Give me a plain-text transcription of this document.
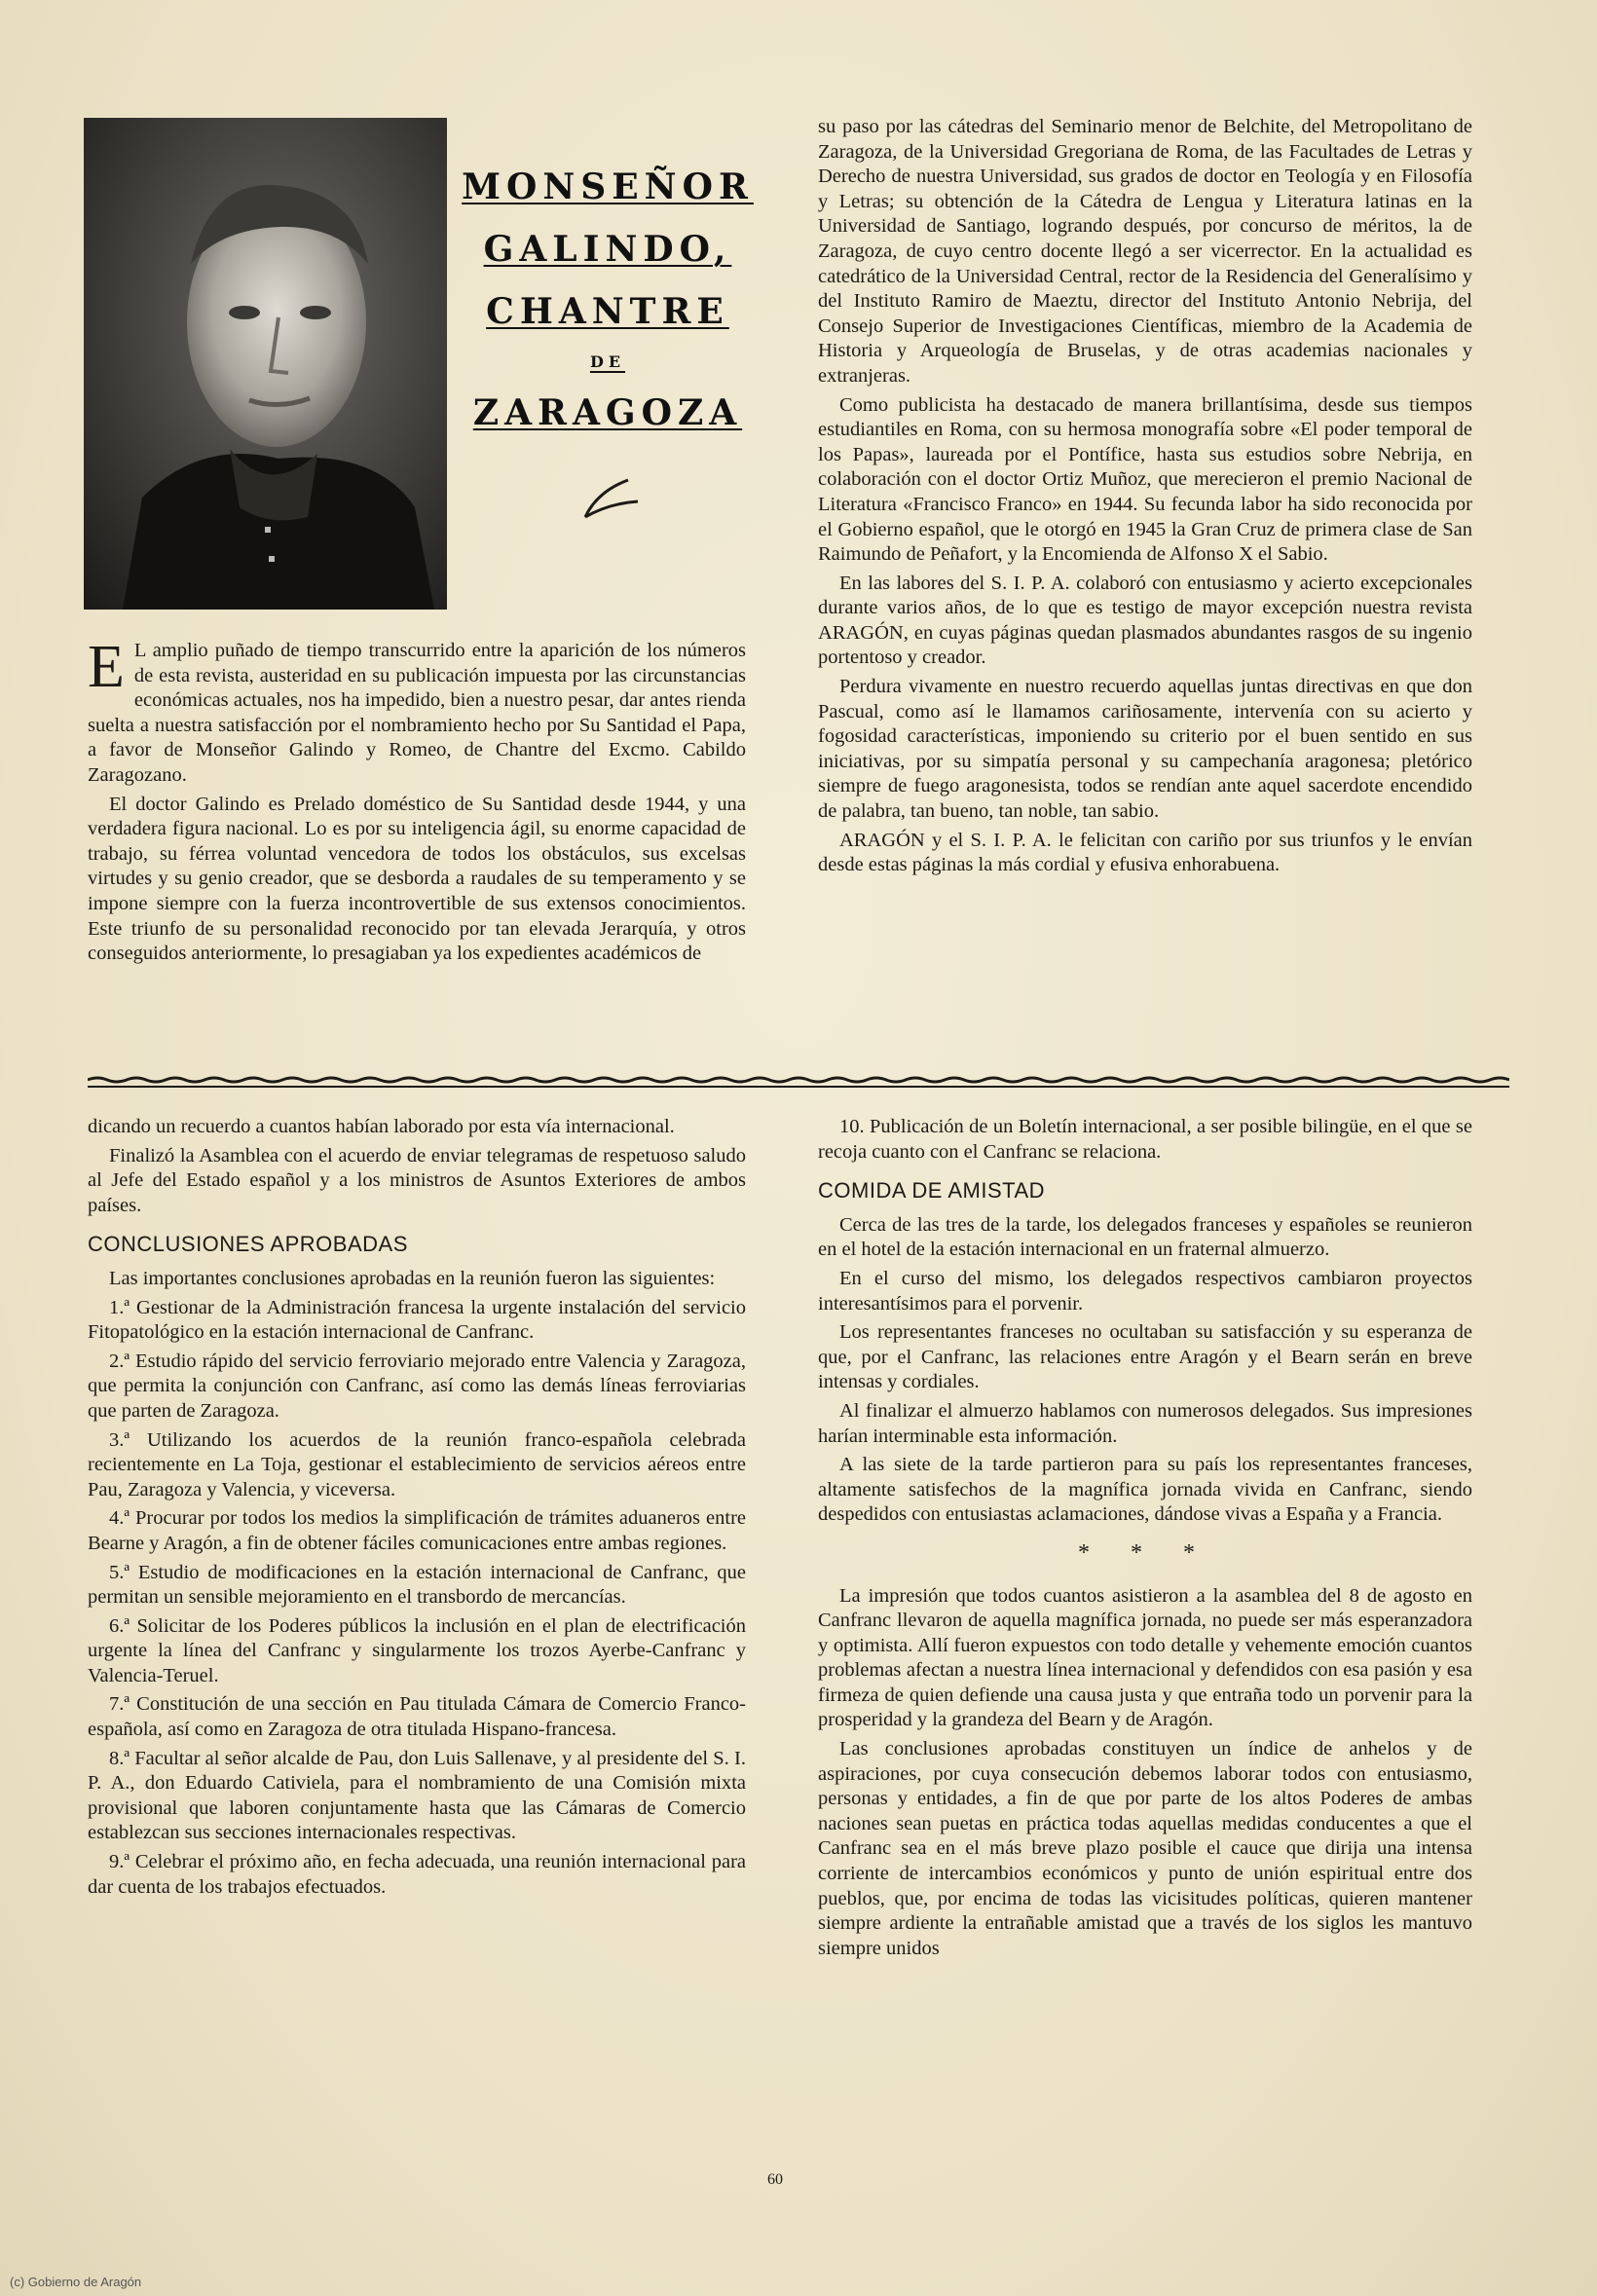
MONSEÑOR
GALINDO,
CHANTRE
DE
ZARAGOZA

E L amplio puñado de tiempo transcurrido entre la aparición de los números de esta revista, austeridad en su publicación impuesta por las circunstancias económicas actuales, nos ha impedido, bien a nuestro pesar, dar antes rienda suelta a nuestra satisfacción por el nombramiento hecho por Su Santidad el Papa, a favor de Monseñor Galindo y Romeo, de Chantre del Excmo. Cabildo Zaragozano.

El doctor Galindo es Prelado doméstico de Su Santidad desde 1944, y una verdadera figura nacional. Lo es por su inteligencia ágil, su enorme capacidad de trabajo, su férrea voluntad vencedora de todos los obstáculos, sus excelsas virtudes y su genio creador, que se desborda a raudales de su temperamento y se impone siempre con la fuerza incontrovertible de sus extensos conocimientos. Este triunfo de su personalidad reconocido por tan elevada Jerarquía, y otros conseguidos anteriormente, lo presagiaban ya los expedientes académicos de

su paso por las cátedras del Seminario menor de Belchite, del Metropolitano de Zaragoza, de la Universidad Gregoriana de Roma, de las Facultades de Letras y Derecho de nuestra Universidad, sus grados de doctor en Teología y en Filosofía y Letras; su obtención de la Cátedra de Lengua y Literatura latinas en la Universidad de Santiago, logrando después, por concurso de méritos, la de Zaragoza, de cuyo centro docente llegó a ser vicerrector. En la actualidad es catedrático de la Universidad Central, rector de la Residencia del Generalísimo y del Instituto Ramiro de Maeztu, director del Instituto Antonio Nebrija, del Consejo Superior de Investigaciones Científicas, miembro de la Academia de Historia y Arqueología de Bruselas, y de otras academias nacionales y extranjeras.

Como publicista ha destacado de manera brillantísima, desde sus tiempos estudiantiles en Roma, con su hermosa monografía sobre «El poder temporal de los Papas», laureada por el Pontífice, hasta sus estudios sobre Nebrija, en colaboración con el doctor Ortiz Muñoz, que merecieron el premio Nacional de Literatura «Francisco Franco» en 1944. Su fecunda labor ha sido reconocida por el Gobierno español, que le otorgó en 1945 la Gran Cruz de primera clase de San Raimundo de Peñafort, y la Encomienda de Alfonso X el Sabio.

En las labores del S. I. P. A. colaboró con entusiasmo y acierto excepcionales durante varios años, de lo que es testigo de mayor excepción nuestra revista ARAGÓN, en cuyas páginas quedan plasmados abundantes rasgos de su ingenio portentoso y creador.

Perdura vivamente en nuestro recuerdo aquellas juntas directivas en que don Pascual, como así le llamamos cariñosamente, intervenía con su acierto y fogosidad características, imponiendo su criterio por el buen sentido en sus iniciativas, por su simpatía personal y su campechanía aragonesa; pletórico siempre de fuego aragonesista, todos se rendían ante aquel sacerdote encendido de palabra, tan bueno, tan noble, tan sabio.

ARAGÓN y el S. I. P. A. le felicitan con cariño por sus triunfos y le envían desde estas páginas la más cordial y efusiva enhorabuena.

dicando un recuerdo a cuantos habían laborado por esta vía internacional.

Finalizó la Asamblea con el acuerdo de enviar telegramas de respetuoso saludo al Jefe del Estado español y a los ministros de Asuntos Exteriores de ambos países.

CONCLUSIONES APROBADAS

Las importantes conclusiones aprobadas en la reunión fueron las siguientes:

1.ª Gestionar de la Administración francesa la urgente instalación del servicio Fitopatológico en la estación internacional de Canfranc.

2.ª Estudio rápido del servicio ferroviario mejorado entre Valencia y Zaragoza, que permita la conjunción con Canfranc, así como las demás líneas ferroviarias que parten de Zaragoza.

3.ª Utilizando los acuerdos de la reunión franco-española celebrada recientemente en La Toja, gestionar el establecimiento de servicios aéreos entre Pau, Zaragoza y Valencia, y viceversa.

4.ª Procurar por todos los medios la simplificación de trámites aduaneros entre Bearne y Aragón, a fin de obtener fáciles comunicaciones entre ambas regiones.

5.ª Estudio de modificaciones en la estación internacional de Canfranc, que permitan un sensible mejoramiento en el transbordo de mercancías.

6.ª Solicitar de los Poderes públicos la inclusión en el plan de electrificación urgente la línea del Canfranc y singularmente los trozos Ayerbe-Canfranc y Valencia-Teruel.

7.ª Constitución de una sección en Pau titulada Cámara de Comercio Franco-española, así como en Zaragoza de otra titulada Hispano-francesa.

8.ª Facultar al señor alcalde de Pau, don Luis Sallenave, y al presidente del S. I. P. A., don Eduardo Cativiela, para el nombramiento de una Comisión mixta provisional que laboren conjuntamente hasta que las Cámaras de Comercio establezcan sus secciones internacionales respectivas.

9.ª Celebrar el próximo año, en fecha adecuada, una reunión internacional para dar cuenta de los trabajos efectuados.

10. Publicación de un Boletín internacional, a ser posible bilingüe, en el que se recoja cuanto con el Canfranc se relaciona.

COMIDA DE AMISTAD

Cerca de las tres de la tarde, los delegados franceses y españoles se reunieron en el hotel de la estación internacional en un fraternal almuerzo.

En el curso del mismo, los delegados respectivos cambiaron proyectos interesantísimos para el porvenir.

Los representantes franceses no ocultaban su satisfacción y su esperanza de que, por el Canfranc, las relaciones entre Aragón y el Bearn serán en breve intensas y cordiales.

Al finalizar el almuerzo hablamos con numerosos delegados. Sus impresiones harían interminable esta información.

A las siete de la tarde partieron para su país los representantes franceses, altamente satisfechos de la magnífica jornada vivida en Canfranc, siendo despedidos con entusiastas aclamaciones, dándose vivas a España y a Francia.

* * *

La impresión que todos cuantos asistieron a la asamblea del 8 de agosto en Canfranc llevaron de aquella magnífica jornada, no puede ser más esperanzadora y optimista. Allí fueron expuestos con todo detalle y vehemente emoción cuantos problemas afectan a nuestra línea internacional y defendidos con esa pasión y esa firmeza de quien defiende una causa justa y que entraña todo un porvenir para la prosperidad y la grandeza del Bearn y de Aragón.

Las conclusiones aprobadas constituyen un índice de anhelos y de aspiraciones, por cuya consecución debemos laborar todos con entusiasmo, personas y entidades, a fin de que por parte de los altos Poderes de ambas naciones sean puetas en práctica todas aquellas medidas conducentes a que el Canfranc sea en el más breve plazo posible el cauce que dirija una intensa corriente de intercambios económicos y punto de unión espiritual entre dos pueblos, que, por encima de todas las vicisitudes políticas, quieren mantener siempre ardiente la entrañable amistad que a través de los siglos les mantuvo siempre unidos

60
(c) Gobierno de Aragón
